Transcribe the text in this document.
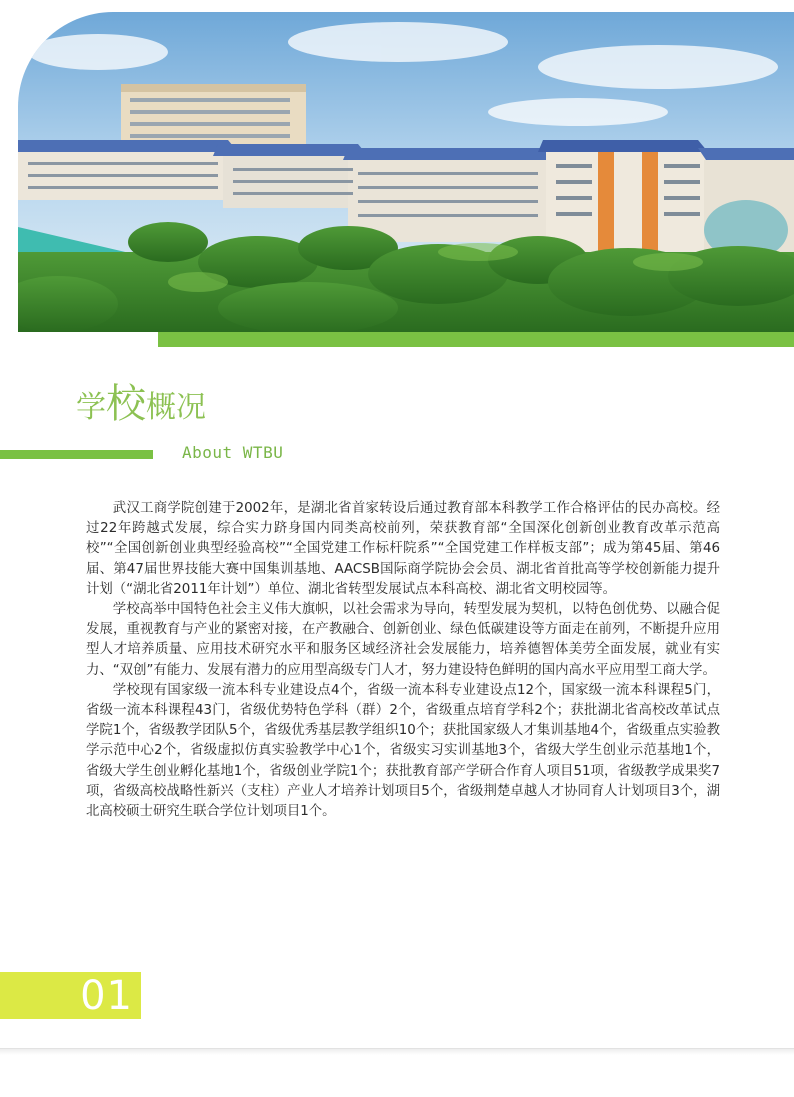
学校概况
About WTBU

武汉工商学院创建于2002年，是湖北省首家转设后通过教育部本科教学工作合格评估的民办高校。经过22年跨越式发展，综合实力跻身国内同类高校前列，荣获教育部“全国深化创新创业教育改革示范高校”“全国创新创业典型经验高校”“全国党建工作标杆院系”“全国党建工作样板支部”；成为第45届、第46届、第47届世界技能大赛中国集训基地、AACSB国际商学院协会会员、湖北省首批高等学校创新能力提升计划（“湖北省2011年计划”）单位、湖北省转型发展试点本科高校、湖北省文明校园等。

学校高举中国特色社会主义伟大旗帜，以社会需求为导向，转型发展为契机，以特色创优势、以融合促发展，重视教育与产业的紧密对接，在产教融合、创新创业、绿色低碳建设等方面走在前列，不断提升应用型人才培养质量、应用技术研究水平和服务区域经济社会发展能力，培养德智体美劳全面发展，就业有实力、“双创”有能力、发展有潜力的应用型高级专门人才，努力建设特色鲜明的国内高水平应用型工商大学。

学校现有国家级一流本科专业建设点4个，省级一流本科专业建设点12个，国家级一流本科课程5门，省级一流本科课程43门，省级优势特色学科（群）2个，省级重点培育学科2个；获批湖北省高校改革试点学院1个，省级教学团队5个，省级优秀基层教学组织10个；获批国家级人才集训基地4个，省级重点实验教学示范中心2个，省级虚拟仿真实验教学中心1个，省级实习实训基地3个，省级大学生创业示范基地1个，省级大学生创业孵化基地1个，省级创业学院1个；获批教育部产学研合作育人项目51项，省级教学成果奖7项，省级高校战略性新兴（支柱）产业人才培养计划项目5个，省级荆楚卓越人才协同育人计划项目3个，湖北高校硕士研究生联合学位计划项目1个。

01
